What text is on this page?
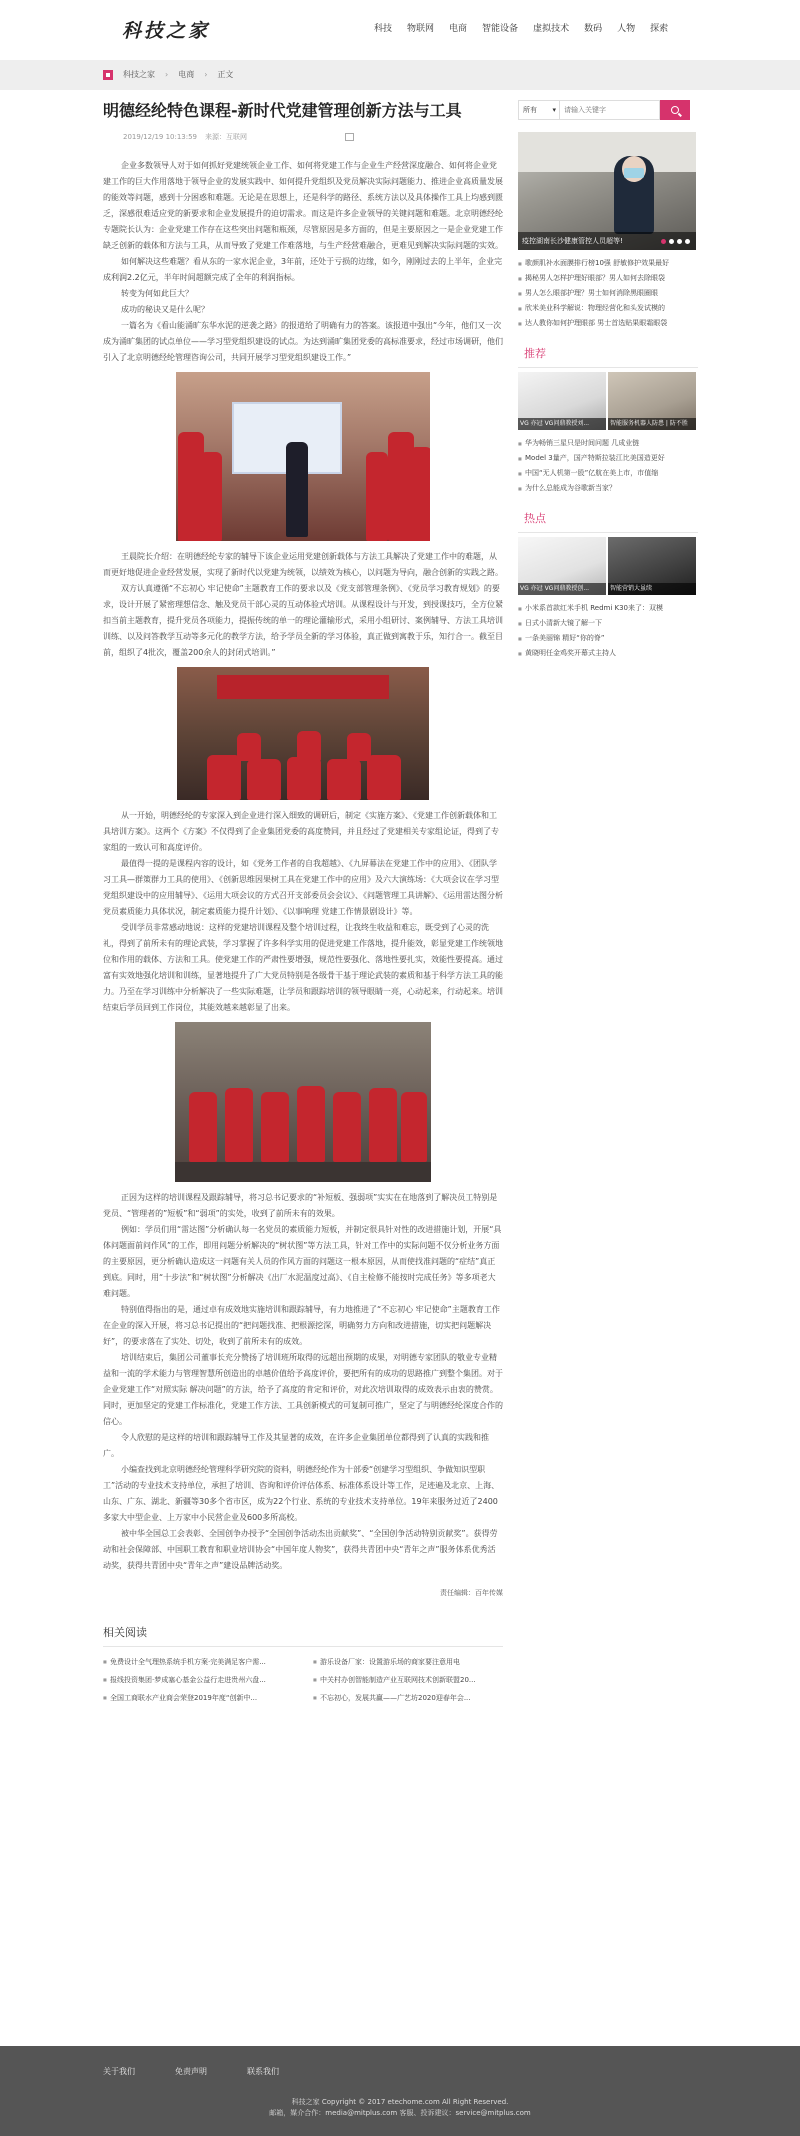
科技之家	科技 物联网 电商 智能设备 虚拟技术 数码 人物 探索
科技之家 › 电商 › 正文
明德经纶特色课程-新时代党建管理创新方法与工具
2019/12/19 10:13:59 来源：互联网

企业多数领导人对于如何抓好党建统领企业工作、如何将党建工作与企业生产经营深度融合、如何将企业党建工作的巨大作用落地于领导企业的发展实践中、如何提升党组织及党员解决实际问题能力、推进企业高质量发展的能效等问题，感到十分困惑和难题。无论是在思想上，还是科学的路径、系统方法以及具体操作工具上均感到匮乏，深感很难适应党的新要求和企业发展提升的迫切需求。而这是许多企业领导的关键问题和难题。北京明德经纶专题院长认为：企业党建工作存在这些突出问题和瓶颈，尽管原因是多方面的，但是主要原因之一是企业党建工作缺乏创新的载体和方法与工具，从而导致了党建工作难落地，与生产经营难融合，更难见到解决实际问题的实效。

如何解决这些难题？看从东的一家水泥企业，3年前，还处于亏损的边缘，如今，刚刚过去的上半年，企业完成利润2.2亿元，半年时间超额完成了全年的利润指标。

转变为何如此巨大？

成功的秘诀又是什么呢？

一篇名为《看山能涌旷东华水泥的逆袭之路》的报道给了明确有力的答案。该报道中强出“今年，他们又一次成为涌旷集团的试点单位——学习型党组织建设的试点。为达到涌旷集团党委的高标准要求，经过市场调研，他们引入了北京明德经纶管理咨询公司，共同开展学习型党组织建设工作。”

王晨院长介绍：在明德经纶专家的辅导下该企业运用党建创新载体与方法工具解决了党建工作中的难题，从而更好地促进企业经营发展，实现了新时代以党建为统领，以绩效为核心，以问题为导向，融合创新的实践之路。

双方认真遵循“不忘初心 牢记使命”主题教育工作的要求以及《党支部管理条例》、《党员学习教育规划》的要求，设计开展了紧密理想信念、触及党员干部心灵的互动体验式培训。从课程设计与开发，到授课技巧，全方位紧扣当前主题教育，提升党员各项能力，提振传统的单一的理论灌输形式，采用小组研讨、案例辅导、方法工具培训训练、以及问答教学互动等多元化的教学方法，给予学员全新的学习体验，真正做到寓教于乐，知行合一。截至目前，组织了4批次，覆盖200余人的封闭式培训。”

从一开始，明德经纶的专家深入到企业进行深入细致的调研后，制定《实施方案》、《党建工作创新载体和工具培训方案》。这两个《方案》不仅得到了企业集团党委的高度赞同，并且经过了党建相关专家组论证，得到了专家组的一致认可和高度评价。

最值得一提的是课程内容的设计，如《党务工作者的自我超越》、《九屏幕法在党建工作中的应用》、《团队学习工具—群策群力工具的使用》、《创新思维因果树工具在党建工作中的应用》及六大演练场：《大项会议在学习型党组织建设中的应用辅导》、《运用大项会议的方式召开支部委员会会议》、《问题管理工具讲解》、《运用雷达图分析党员素质能力具体状况，制定素质能力提升计划》、《以事响理 党建工作情景剧设计》等。

受训学员非常感动地说：这样的党建培训课程及整个培训过程，让我终生收益和难忘，既受到了心灵的洗礼，得到了前所未有的理论武装，学习掌握了许多科学实用的促进党建工作落地，提升能效，彰显党建工作统领地位和作用的载体、方法和工具。使党建工作的严肃性要增强，规范性要强化、落地性要扎实，效能性要提高。通过富有实效地强化培训和训练，显著地提升了广大党员特别是各级骨干基于理论武装的素质和基于科学方法工具的能力。乃至在学习训练中分析解决了一些实际难题，让学员和跟踪培训的领导眼睛一亮，心动起来，行动起来。培训结束后学员回到工作岗位，其能效越来越彰显了出来。

正因为这样的培训课程及跟踪辅导，将习总书记要求的“补短板、强弱项”实实在在地落到了解决员工特别是党员、“管理者的”短板”和“弱项”的实处，收到了前所未有的效果。

例如：学员们用“雷达图”分析确认每一名党员的素质能力短板，并制定很具针对性的改进措施计划，开展“具体问题面前问作风”的工作，即用问题分析解决的“树状图”等方法工具，针对工作中的实际问题不仅分析业务方面的主要原因，更分析确认造成这一问题有关人员的作风方面的问题这一根本原因，从而使找准问题的“症结”真正到底。同时，用“十步法”和“树状图”分析解决《出厂水泥温度过高》、《自主检修不能按时完成任务》等多项老大难问题。

特别值得指出的是，通过卓有成效地实施培训和跟踪辅导，有力地推进了“不忘初心 牢记使命”主题教育工作在企业的深入开展，将习总书记提出的“把问题找准、把根源挖深，明确努力方向和改进措施，切实把问题解决好”，的要求落在了实处、切处，收到了前所未有的成效。

培训结束后，集团公司董事长充分赞扬了培训班所取得的远超出预期的成果，对明德专家团队的敬业专业精益和一流的学术能力与管理智慧所创造出的卓越价值给予高度评价，要把所有的成功的思路推广到整个集团。对于企业党建工作“对照实际 解决问题”的方法，给予了高度的肯定和评价，对此次培训取得的成效表示由衷的赞赏。同时，更加坚定的党建工作标准化，党建工作方法、工具创新模式的可复制可推广，坚定了与明德经纶深度合作的信心。

令人欣慰的是这样的培训和跟踪辅导工作及其显著的成效，在许多企业集团单位都得到了认真的实践和推广。

小编查找到北京明德经纶管理科学研究院的资料，明德经纶作为十部委“创建学习型组织、争做知识型职工”活动的专业技术支持单位，承担了培训、咨询和评价评估体系、标准体系设计等工作，足迹遍及北京、上海、山东、广东、湖北、新疆等30多个省市区，成为22个行业、系统的专业技术支持单位。19年来服务过近了2400多家大中型企业、上万家中小民营企业及600多所高校。

被中华全国总工会表彰、全国创争办授予“全国创争活动杰出贡献奖”、“全国创争活动特别贡献奖”。获得劳动和社会保障部、中国职工教育和职业培训协会“中国年度人物奖”，获得共青团中央“青年之声”服务体系优秀活动奖，获得共青团中央“青年之声”建设品牌活动奖。

责任编辑：百年传媒
相关阅读
■ 免费设计全气理热系统手机方案·完美满足客户需...	■ 游乐设备厂家：设置游乐场的商家要注意用电
■ 报线投资集团·梦成塞心基金公益行走进贵州六盘...	■ 中关村办创智能制造产业互联网技术创新联盟20...
■ 全国工商联水产业商会荣登2019年度“创新中...	■ 不忘初心，发展共赢——广艺坊2020迎春年会...
所有 ▾
请输入关键字
疫控湖南长沙健康管控人员超等!
■ 歌颜肌补水面膜排行榜10强 舒敏修护效果最好
■ 揭秘男人怎样护理好眼部？男人如何去除眼袋
■ 男人怎么眼部护理？男士如何消除黑眼圈眼
■ 欣米美业科学解说：物理经营化和头发试模的
■ 达人教你如何护理眼部 男士首选贴果眼霜眼袋
推荐
VG 亦冠 VG问鼎教授刘...	智能服务机器人防患 | 防不胜
■ 华为畅销三星只是时间问题 几成业链
■ Model 3量产，国产特斯拉装江比美国造更好
■ 中国“无人机第一股”亿航在美上市，市值缩
■ 为什么总能成为谷歌新当家？
热点
VG 亦冠 VG问鼎教授创...	智能营销大虽续
■ 小米系首款红米手机 Redmi K30来了：双模
■ 日式小清新大镜了解一下
■ 一条美丽锦 精好“你的脊”
■ 黄晓明任金鸡奖开幕式主持人
关于我们	免责声明	联系我们
科技之家 Copyright © 2017 etechome.com All Right Reserved.
邮箱，媒介合作：media@mitplus.com 客服、投诉建议：service@mitplus.com
